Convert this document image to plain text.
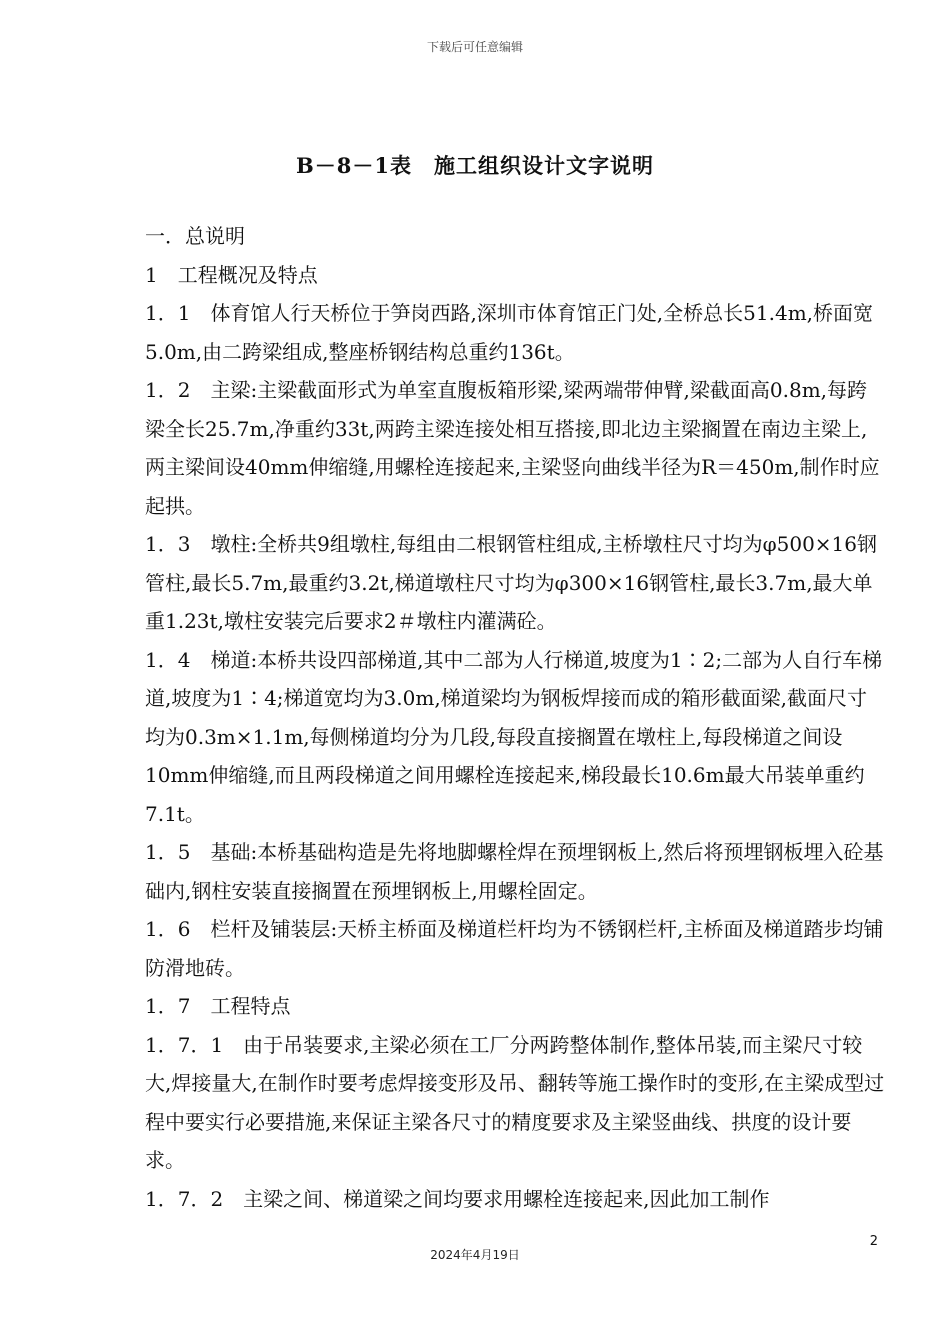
下载后可任意编辑
B－8－1表　施工组织设计文字说明

一．总说明

1　工程概况及特点

1．1　体育馆人行天桥位于笋岗西路,深圳市体育馆正门处,全桥总长51.4m,桥面宽5.0m,由二跨梁组成,整座桥钢结构总重约136t。

1．2　主梁:主梁截面形式为单室直腹板箱形梁,梁两端带伸臂,梁截面高0.8m,每跨梁全长25.7m,净重约33t,两跨主梁连接处相互搭接,即北边主梁搁置在南边主梁上,两主梁间设40mm伸缩缝,用螺栓连接起来,主梁竖向曲线半径为R＝450m,制作时应起拱。

1．3　墩柱:全桥共9组墩柱,每组由二根钢管柱组成,主桥墩柱尺寸均为φ500×16钢管柱,最长5.7m,最重约3.2t,梯道墩柱尺寸均为φ300×16钢管柱,最长3.7m,最大单重1.23t,墩柱安装完后要求2＃墩柱内灌满砼。

1．4　梯道:本桥共设四部梯道,其中二部为人行梯道,坡度为1∶2;二部为人自行车梯道,坡度为1∶4;梯道宽均为3.0m,梯道梁均为钢板焊接而成的箱形截面梁,截面尺寸均为0.3m×1.1m,每侧梯道均分为几段,每段直接搁置在墩柱上,每段梯道之间设10mm伸缩缝,而且两段梯道之间用螺栓连接起来,梯段最长10.6m最大吊装单重约7.1t。

1．5　基础:本桥基础构造是先将地脚螺栓焊在预埋钢板上,然后将预埋钢板埋入砼基础内,钢柱安装直接搁置在预埋钢板上,用螺栓固定。

1．6　栏杆及铺装层:天桥主桥面及梯道栏杆均为不锈钢栏杆,主桥面及梯道踏步均铺防滑地砖。

1．7　工程特点

1．7．1　由于吊装要求,主梁必须在工厂分两跨整体制作,整体吊装,而主梁尺寸较大,焊接量大,在制作时要考虑焊接变形及吊、翻转等施工操作时的变形,在主梁成型过程中要实行必要措施,来保证主梁各尺寸的精度要求及主梁竖曲线、拱度的设计要求。

1．7．2　主梁之间、梯道梁之间均要求用螺栓连接起来,因此加工制作

2
2024年4月19日
